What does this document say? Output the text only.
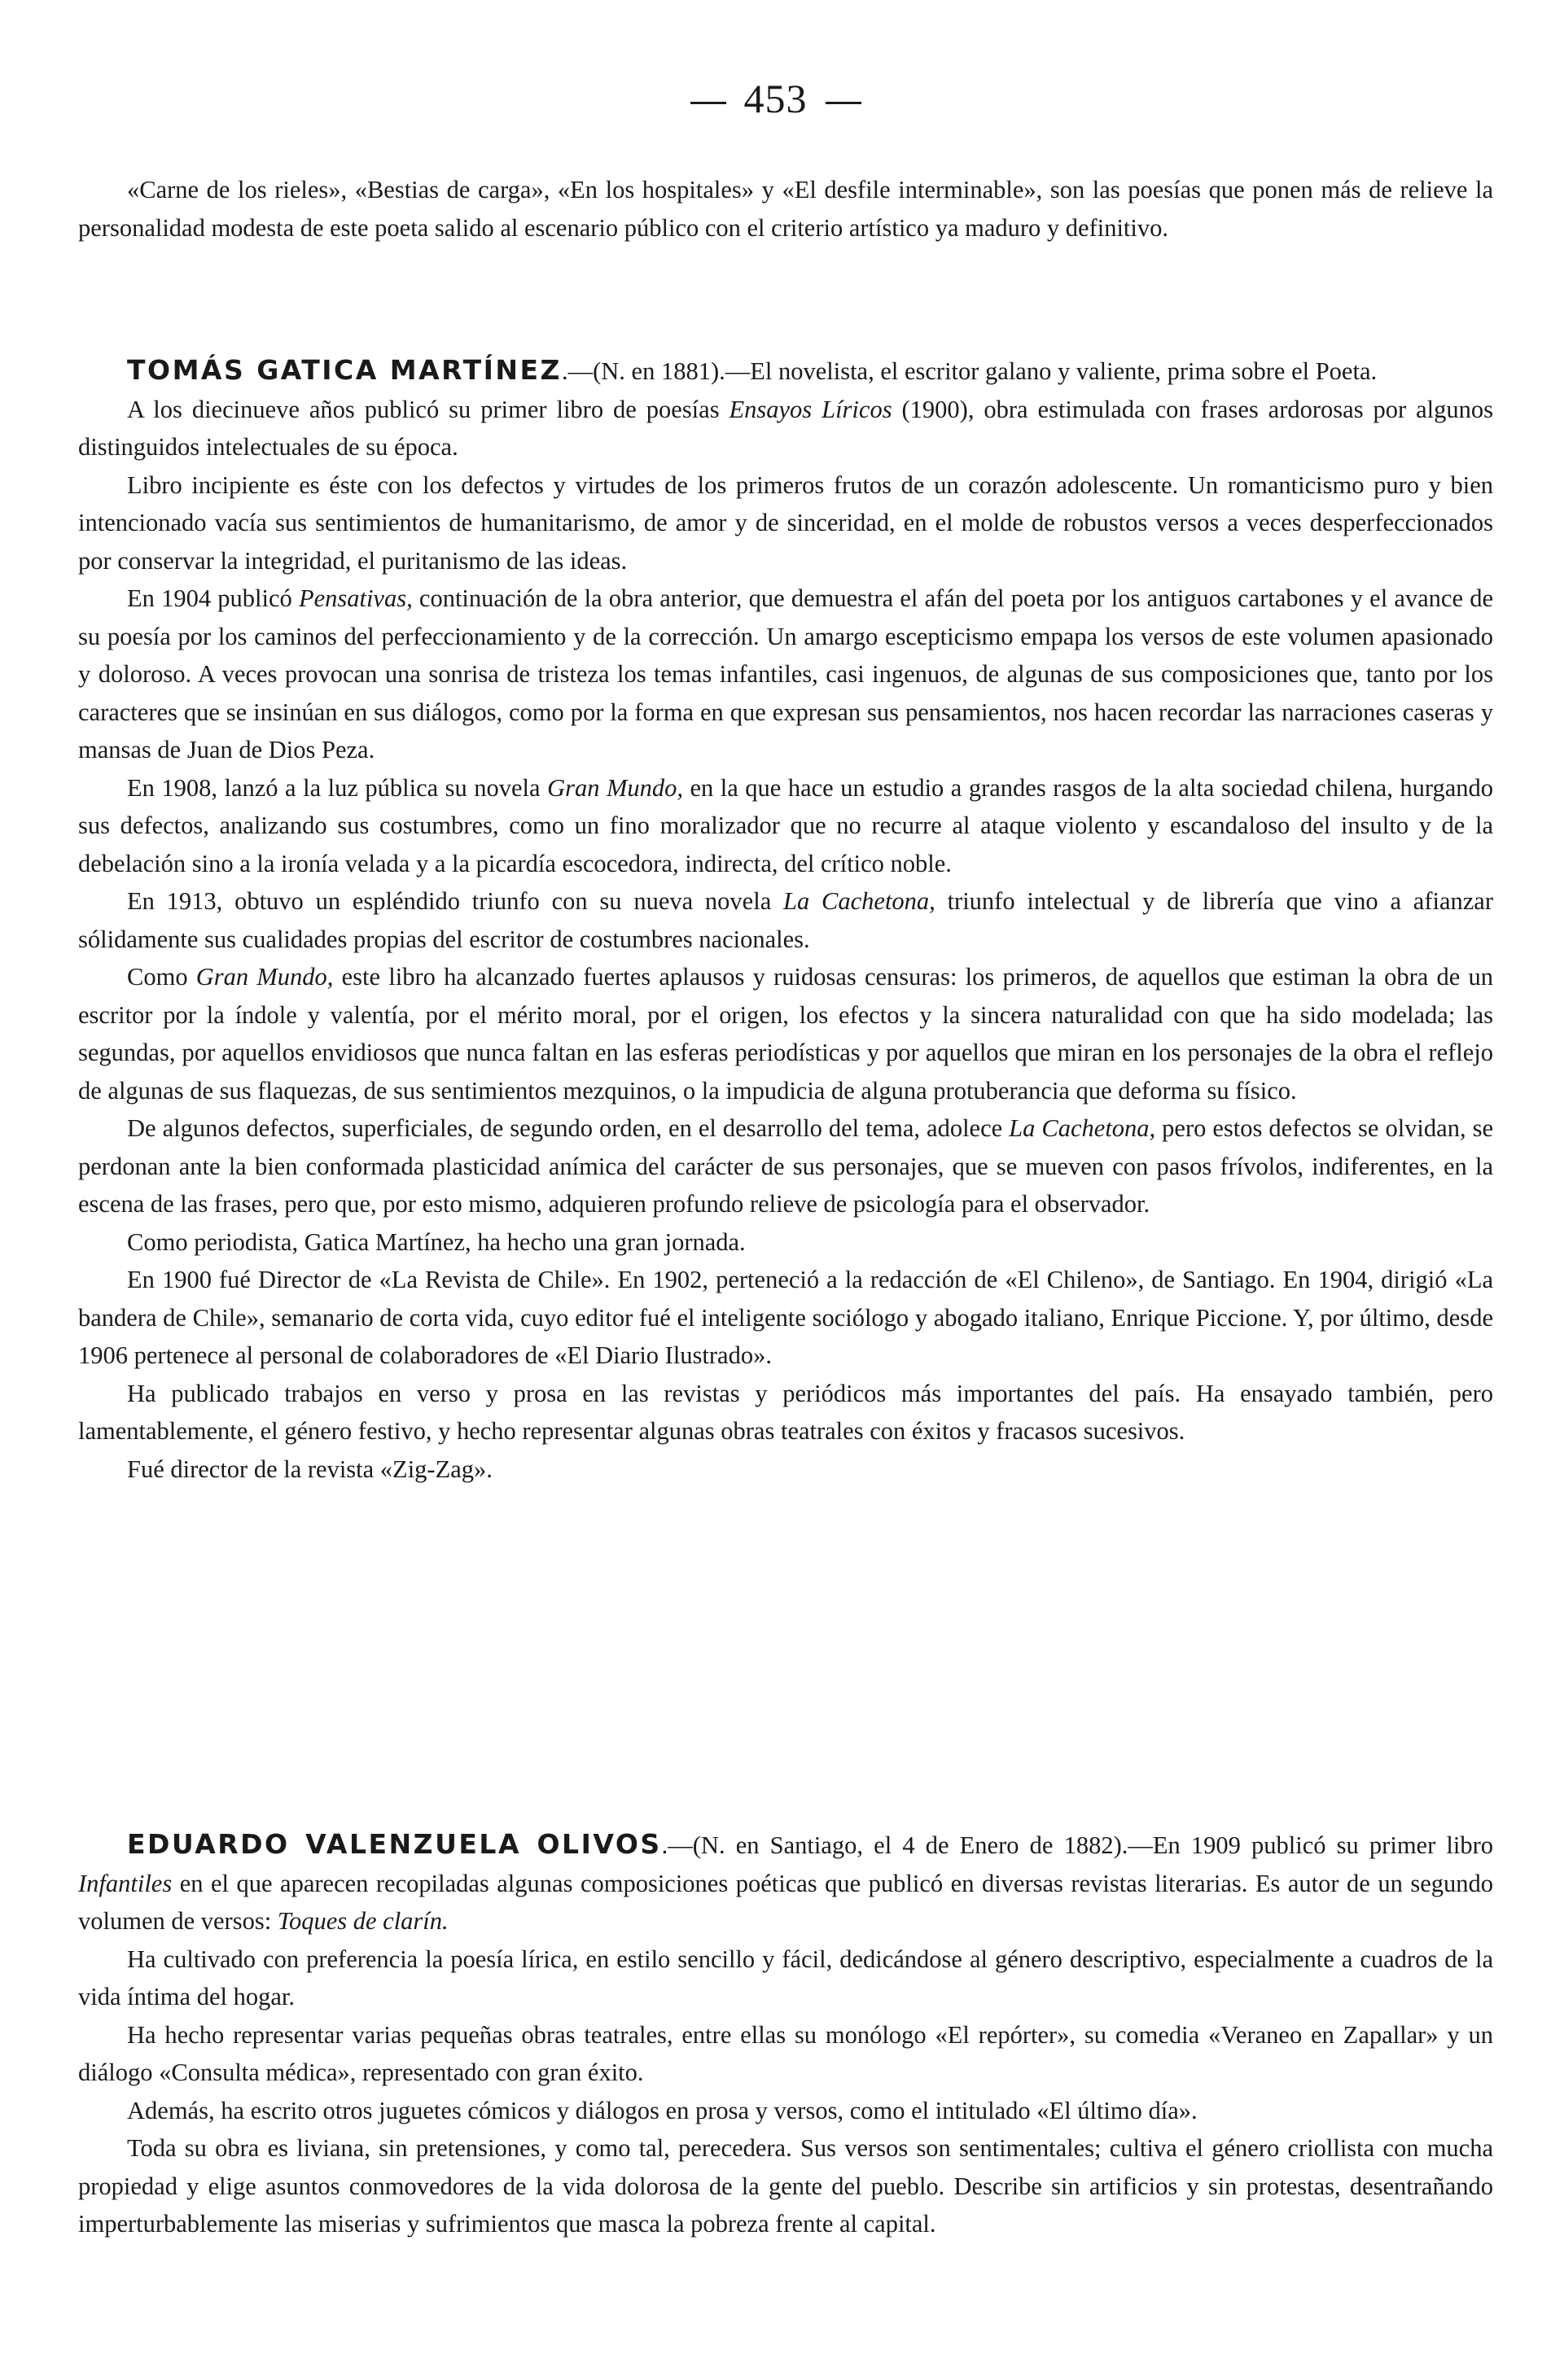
453

«Carne de los rieles», «Bestias de carga», «En los hospitales» y «El desfile interminable», son las poesías que ponen más de relieve la personalidad modesta de este poeta salido al escenario público con el criterio artístico ya maduro y definitivo.

TOMÁS GATICA MARTÍNEZ.—(N. en 1881).—El novelista, el escritor galano y valiente, prima sobre el Poeta.

A los diecinueve años publicó su primer libro de poesías Ensayos Líricos (1900), obra estimulada con frases ardorosas por algunos distinguidos intelectuales de su época.

Libro incipiente es éste con los defectos y virtudes de los primeros frutos de un corazón adolescente. Un romanticismo puro y bien intencionado vacía sus sentimientos de humanitarismo, de amor y de sinceridad, en el molde de robustos versos a veces desperfeccionados por conservar la integridad, el puritanismo de las ideas.

En 1904 publicó Pensativas, continuación de la obra anterior, que demuestra el afán del poeta por los antiguos cartabones y el avance de su poesía por los caminos del perfeccionamiento y de la corrección. Un amargo escepticismo empapa los versos de este volumen apasionado y doloroso. A veces provocan una sonrisa de tristeza los temas infantiles, casi ingenuos, de algunas de sus composiciones que, tanto por los caracteres que se insinúan en sus diálogos, como por la forma en que expresan sus pensamientos, nos hacen recordar las narraciones caseras y mansas de Juan de Dios Peza.

En 1908, lanzó a la luz pública su novela Gran Mundo, en la que hace un estudio a grandes rasgos de la alta sociedad chilena, hurgando sus defectos, analizando sus costumbres, como un fino moralizador que no recurre al ataque violento y escandaloso del insulto y de la debelación sino a la ironía velada y a la picardía escocedora, indirecta, del crítico noble.

En 1913, obtuvo un espléndido triunfo con su nueva novela La Cachetona, triunfo intelectual y de librería que vino a afianzar sólidamente sus cualidades propias del escritor de costumbres nacionales.

Como Gran Mundo, este libro ha alcanzado fuertes aplausos y ruidosas censuras: los primeros, de aquellos que estiman la obra de un escritor por la índole y valentía, por el mérito moral, por el origen, los efectos y la sincera naturalidad con que ha sido modelada; las segundas, por aquellos envidiosos que nunca faltan en las esferas periodísticas y por aquellos que miran en los personajes de la obra el reflejo de algunas de sus flaquezas, de sus sentimientos mezquinos, o la impudicia de alguna protuberancia que deforma su físico.

De algunos defectos, superficiales, de segundo orden, en el desarrollo del tema, adolece La Cachetona, pero estos defectos se olvidan, se perdonan ante la bien conformada plasticidad anímica del carácter de sus personajes, que se mueven con pasos frívolos, indiferentes, en la escena de las frases, pero que, por esto mismo, adquieren profundo relieve de psicología para el observador.

Como periodista, Gatica Martínez, ha hecho una gran jornada.

En 1900 fué Director de «La Revista de Chile». En 1902, perteneció a la redacción de «El Chileno», de Santiago. En 1904, dirigió «La bandera de Chile», semanario de corta vida, cuyo editor fué el inteligente sociólogo y abogado italiano, Enrique Piccione. Y, por último, desde 1906 pertenece al personal de colaboradores de «El Diario Ilustrado».

Ha publicado trabajos en verso y prosa en las revistas y periódicos más importantes del país. Ha ensayado también, pero lamentablemente, el género festivo, y hecho representar algunas obras teatrales con éxitos y fracasos sucesivos.

Fué director de la revista «Zig-Zag».

EDUARDO VALENZUELA OLIVOS.—(N. en Santiago, el 4 de Enero de 1882).—En 1909 publicó su primer libro Infantiles en el que aparecen recopiladas algunas composiciones poéticas que publicó en diversas revistas literarias. Es autor de un segundo volumen de versos: Toques de clarín.

Ha cultivado con preferencia la poesía lírica, en estilo sencillo y fácil, dedicándose al género descriptivo, especialmente a cuadros de la vida íntima del hogar.

Ha hecho representar varias pequeñas obras teatrales, entre ellas su monólogo «El repórter», su comedia «Veraneo en Zapallar» y un diálogo «Consulta médica», representado con gran éxito.

Además, ha escrito otros juguetes cómicos y diálogos en prosa y versos, como el intitulado «El último día».

Toda su obra es liviana, sin pretensiones, y como tal, perecedera. Sus versos son sentimentales; cultiva el género criollista con mucha propiedad y elige asuntos conmovedores de la vida dolorosa de la gente del pueblo. Describe sin artificios y sin protestas, desentrañando imperturbablemente las miserias y sufrimientos que masca la pobreza frente al capital.
